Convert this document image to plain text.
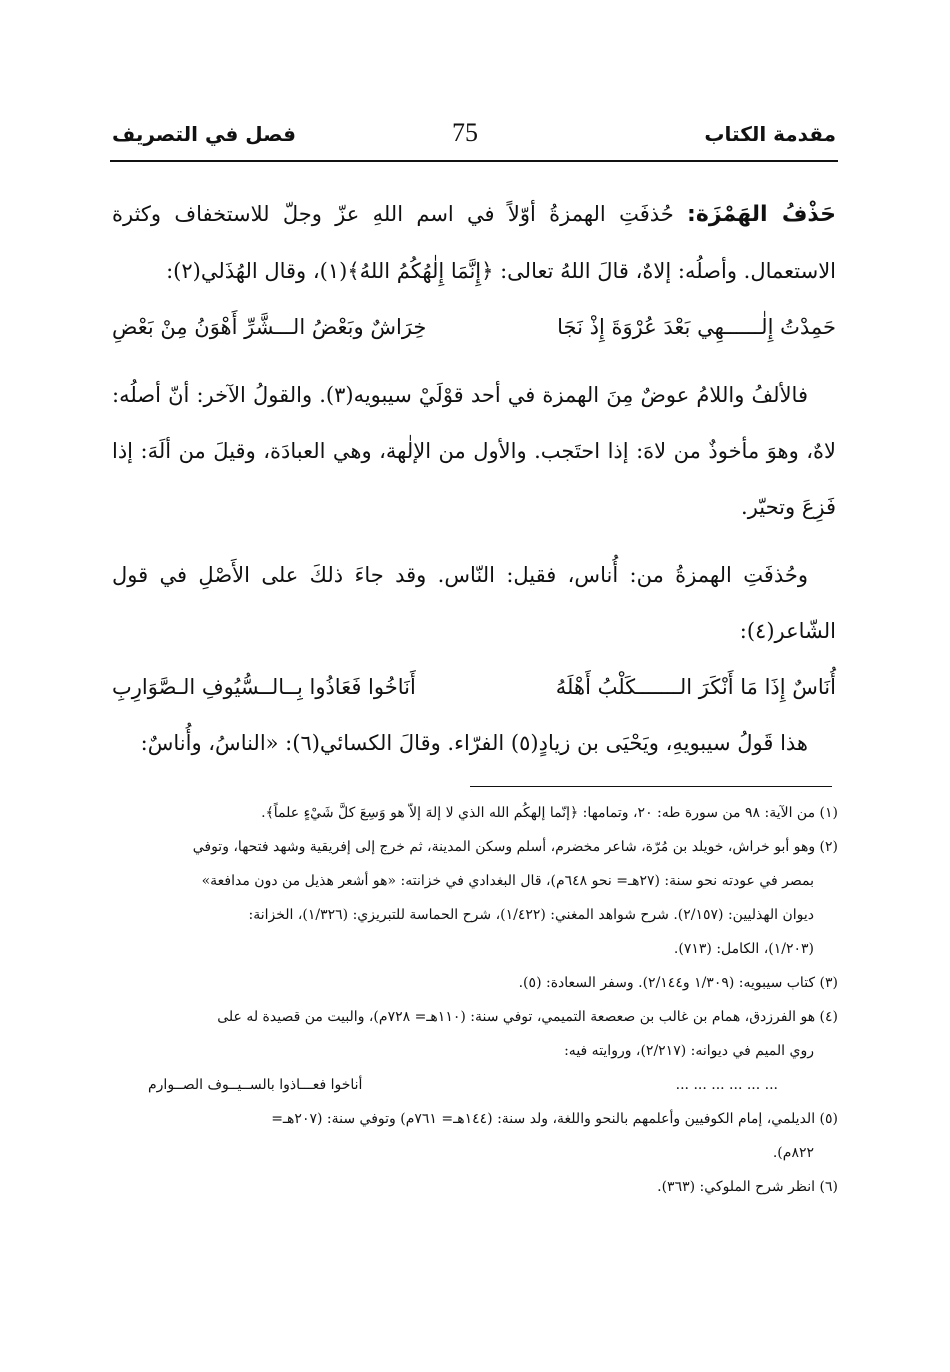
مقدمة الكتاب
75
فصل في التصريف

حَذْفُ الهَمْزَة: حُذفَتِ الهمزةُ أوّلاً في اسم اللهِ عزّ وجلّ للاستخفاف وكثرة الاستعمال. وأصلُه: إلاهٌ، قالَ اللهُ تعالى: ﴿إِنَّمَا إِلٰهُكُمُ اللهُ﴾(١)، وقال الهُذَلي(٢):

حَمِدْتُ إِلٰــــــهِي بَعْدَ عُرْوَةَ إِذْ نَجَا
خِرَاشٌ وبَعْضُ الـــشَّرِّ أَهْوَنُ مِنْ بَعْضِ

فالألفُ واللامُ عوضٌ مِنَ الهمزة في أحد قوْلَيْ سيبويه(٣). والقولُ الآخر: أنّ أصلُه: لاهٌ، وهوَ مأخوذٌ من لاهَ: إذا احتَجب. والأول من الإلٰهة، وهي العبادَة، وقيلَ من ألَهَ: إذا فَزِعَ وتحيّر.

وحُذفَتِ الهمزةُ من: أُناس، فقيل: النّاس. وقد جاءَ ذلكَ على الأَصْلِ في قول الشّاعر(٤):

أُنَاسٌ إِذَا مَا أَنْكَرَ الـــــــكَلْبُ أَهْلَهُ
أَنَاخُوا فَعَاذُوا بِــالــسُّيُوفِ الـصَّوَارِبِ

هذا قَولُ سيبويهِ، ويَحْيَى بن زيادٍ(٥) الفرّاء. وقالَ الكسائي(٦): «الناسُ، وأُناسٌ:

(١) من الآية: ٩٨ من سورة طه: ٢٠، وتمامها: ﴿إنّما إلهكُم الله الذي لا إلهَ إلاّ هو وَسِعَ كلَّ شَيْءٍ علماً﴾.

(٢) وهو أبو خراش، خويلد بن مُرّة، شاعر مخضرم، أسلم وسكن المدينة، ثم خرج إلى إفريقية وشهد فتحها، وتوفي

بمصر في عودته نحو سنة: (٢٧هـ= نحو ٦٤٨م)، قال البغدادي في خزانته: «هو أشعر هذيل من دون مدافعة»

ديوان الهذليين: (٢/١٥٧). شرح شواهد المغني: (١/٤٢٢)، شرح الحماسة للتبريزي: (١/٣٢٦)، الخزانة:

(١/٢٠٣)، الكامل: (٧١٣).

(٣) كتاب سيبويه: (١/٣٠٩ و٢/١٤٤). وسفر السعادة: (٥).

(٤) هو الفرزدق، همام بن غالب بن صعصعة التميمي، توفي سنة: (١١٠هـ= ٧٢٨م)، والبيت من قصيدة له على

روي الميم في ديوانه: (٢/٢١٧)، وروايته فيه:

... ... ... ... ... ...
أناخوا فعـــاذوا بالســيــوف الصــوارم

(٥) الديلمي، إمام الكوفيين وأعلمهم بالنحو واللغة، ولد سنة: (١٤٤هـ= ٧٦١م) وتوفي سنة: (٢٠٧هـ=

٨٢٢م).

(٦) انظر شرح الملوكي: (٣٦٣).
